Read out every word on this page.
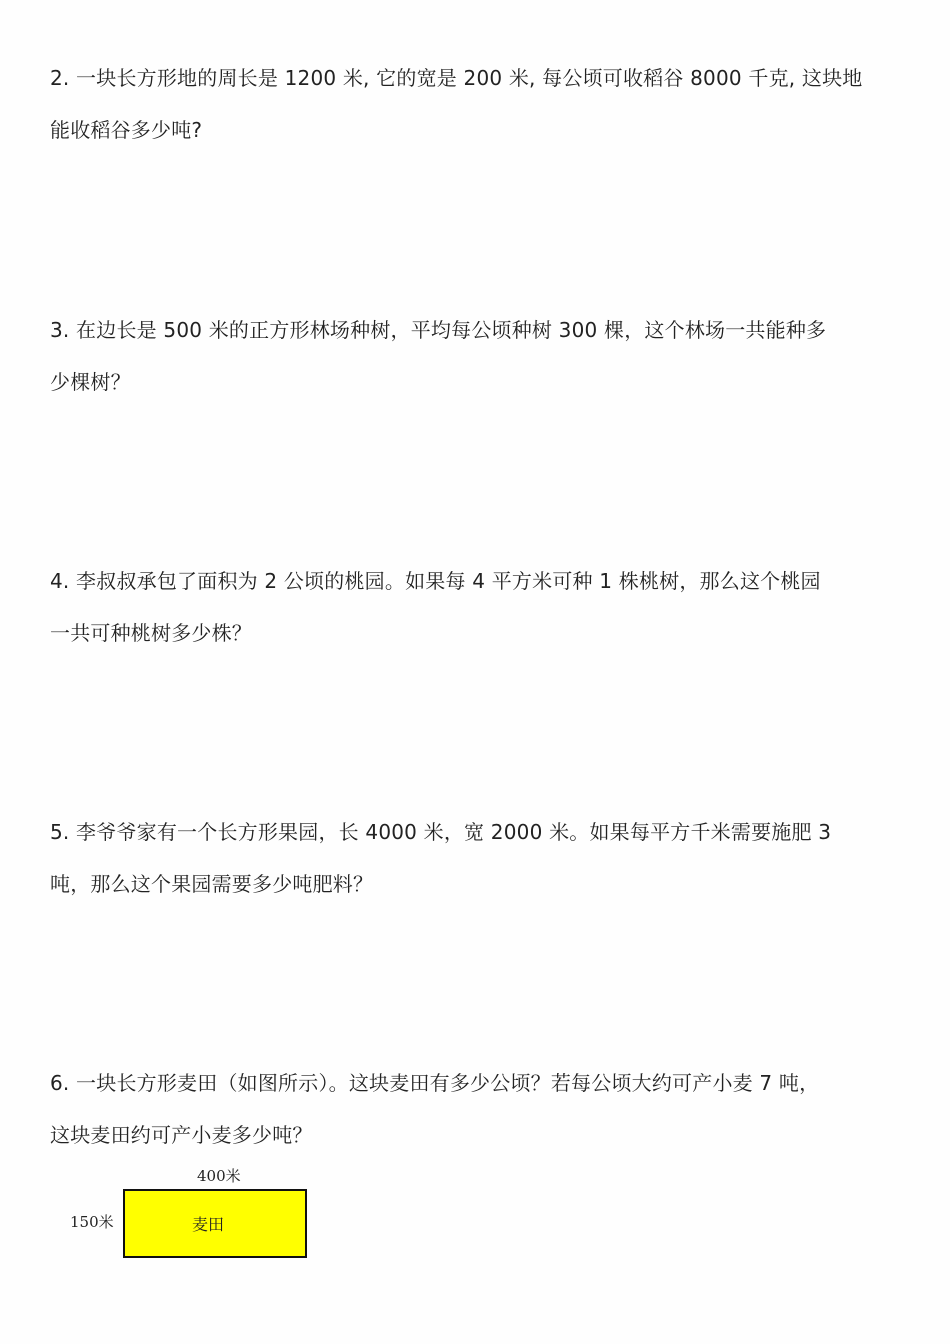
2. 一块长方形地的周长是 1200 米, 它的宽是 200 米, 每公顷可收稻谷 8000 千克, 这块地

能收稻谷多少吨?

3. 在边长是 500 米的正方形林场种树，平均每公顷种树 300 棵，这个林场一共能种多

少棵树？

4. 李叔叔承包了面积为 2 公顷的桃园。如果每 4 平方米可种 1 株桃树，那么这个桃园

一共可种桃树多少株？

5. 李爷爷家有一个长方形果园，长 4000 米，宽 2000 米。如果每平方千米需要施肥 3

吨，那么这个果园需要多少吨肥料？

6. 一块长方形麦田（如图所示）。这块麦田有多少公顷？若每公顷大约可产小麦 7 吨，

这块麦田约可产小麦多少吨？

400米
150米	麦田
